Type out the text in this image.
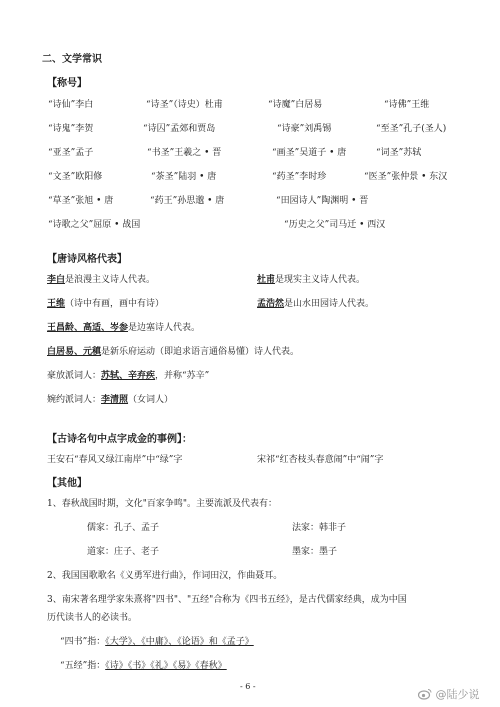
二、文学常识
【称号】
“诗仙”李白	“诗圣”（诗史）杜甫	“诗魔”白居易	“诗佛”王维
“诗鬼”李贺	“诗囚”孟郊和贾岛	“诗豪”刘禹锡	“至圣”孔子(圣人)
“亚圣”孟子	“书圣”王羲之 • 晋	“画圣”吴道子 • 唐	“词圣”苏轼
“文圣”欧阳修	“茶圣”陆羽 • 唐	“药圣”李时珍	“医圣”张仲景 • 东汉
“草圣”张旭 • 唐	“药王”孙思邈 • 唐	“田园诗人”陶渊明 • 晋
“诗歌之父”屈原 • 战国	“历史之父”司马迁 • 西汉
【唐诗风格代表】
李白是浪漫主义诗人代表。	杜甫是现实主义诗人代表。
王维（诗中有画，画中有诗）	孟浩然是山水田园诗人代表。
王昌龄、高适、岑参是边塞诗人代表。
白居易、元稹是新乐府运动（即追求语言通俗易懂）诗人代表。
豪放派词人：苏轼、辛弃疾，并称“苏辛”
婉约派词人：李清照（女词人）
【古诗名句中点字成金的事例】：
王安石“春风又绿江南岸”中“绿”字	宋祁“红杏枝头春意闹”中“闹”字
【其他】
1、春秋战国时期，文化"百家争鸣"。主要流派及代表有：
儒家：孔子、孟子	法家：韩非子
道家：庄子、老子	墨家：墨子
2、我国国歌歌名《义勇军进行曲》，作词田汉，作曲聂耳。
3、南宋著名理学家朱熹将"四书"、"五经"合称为《四书五经》，是古代儒家经典，成为中国
历代读书人的必读书。
“四书”指：《大学》、《中庸》、《论语》和《孟子》
“五经”指：《诗》《书》《礼》《易》《春秋》
- 6 -
@陆少说
